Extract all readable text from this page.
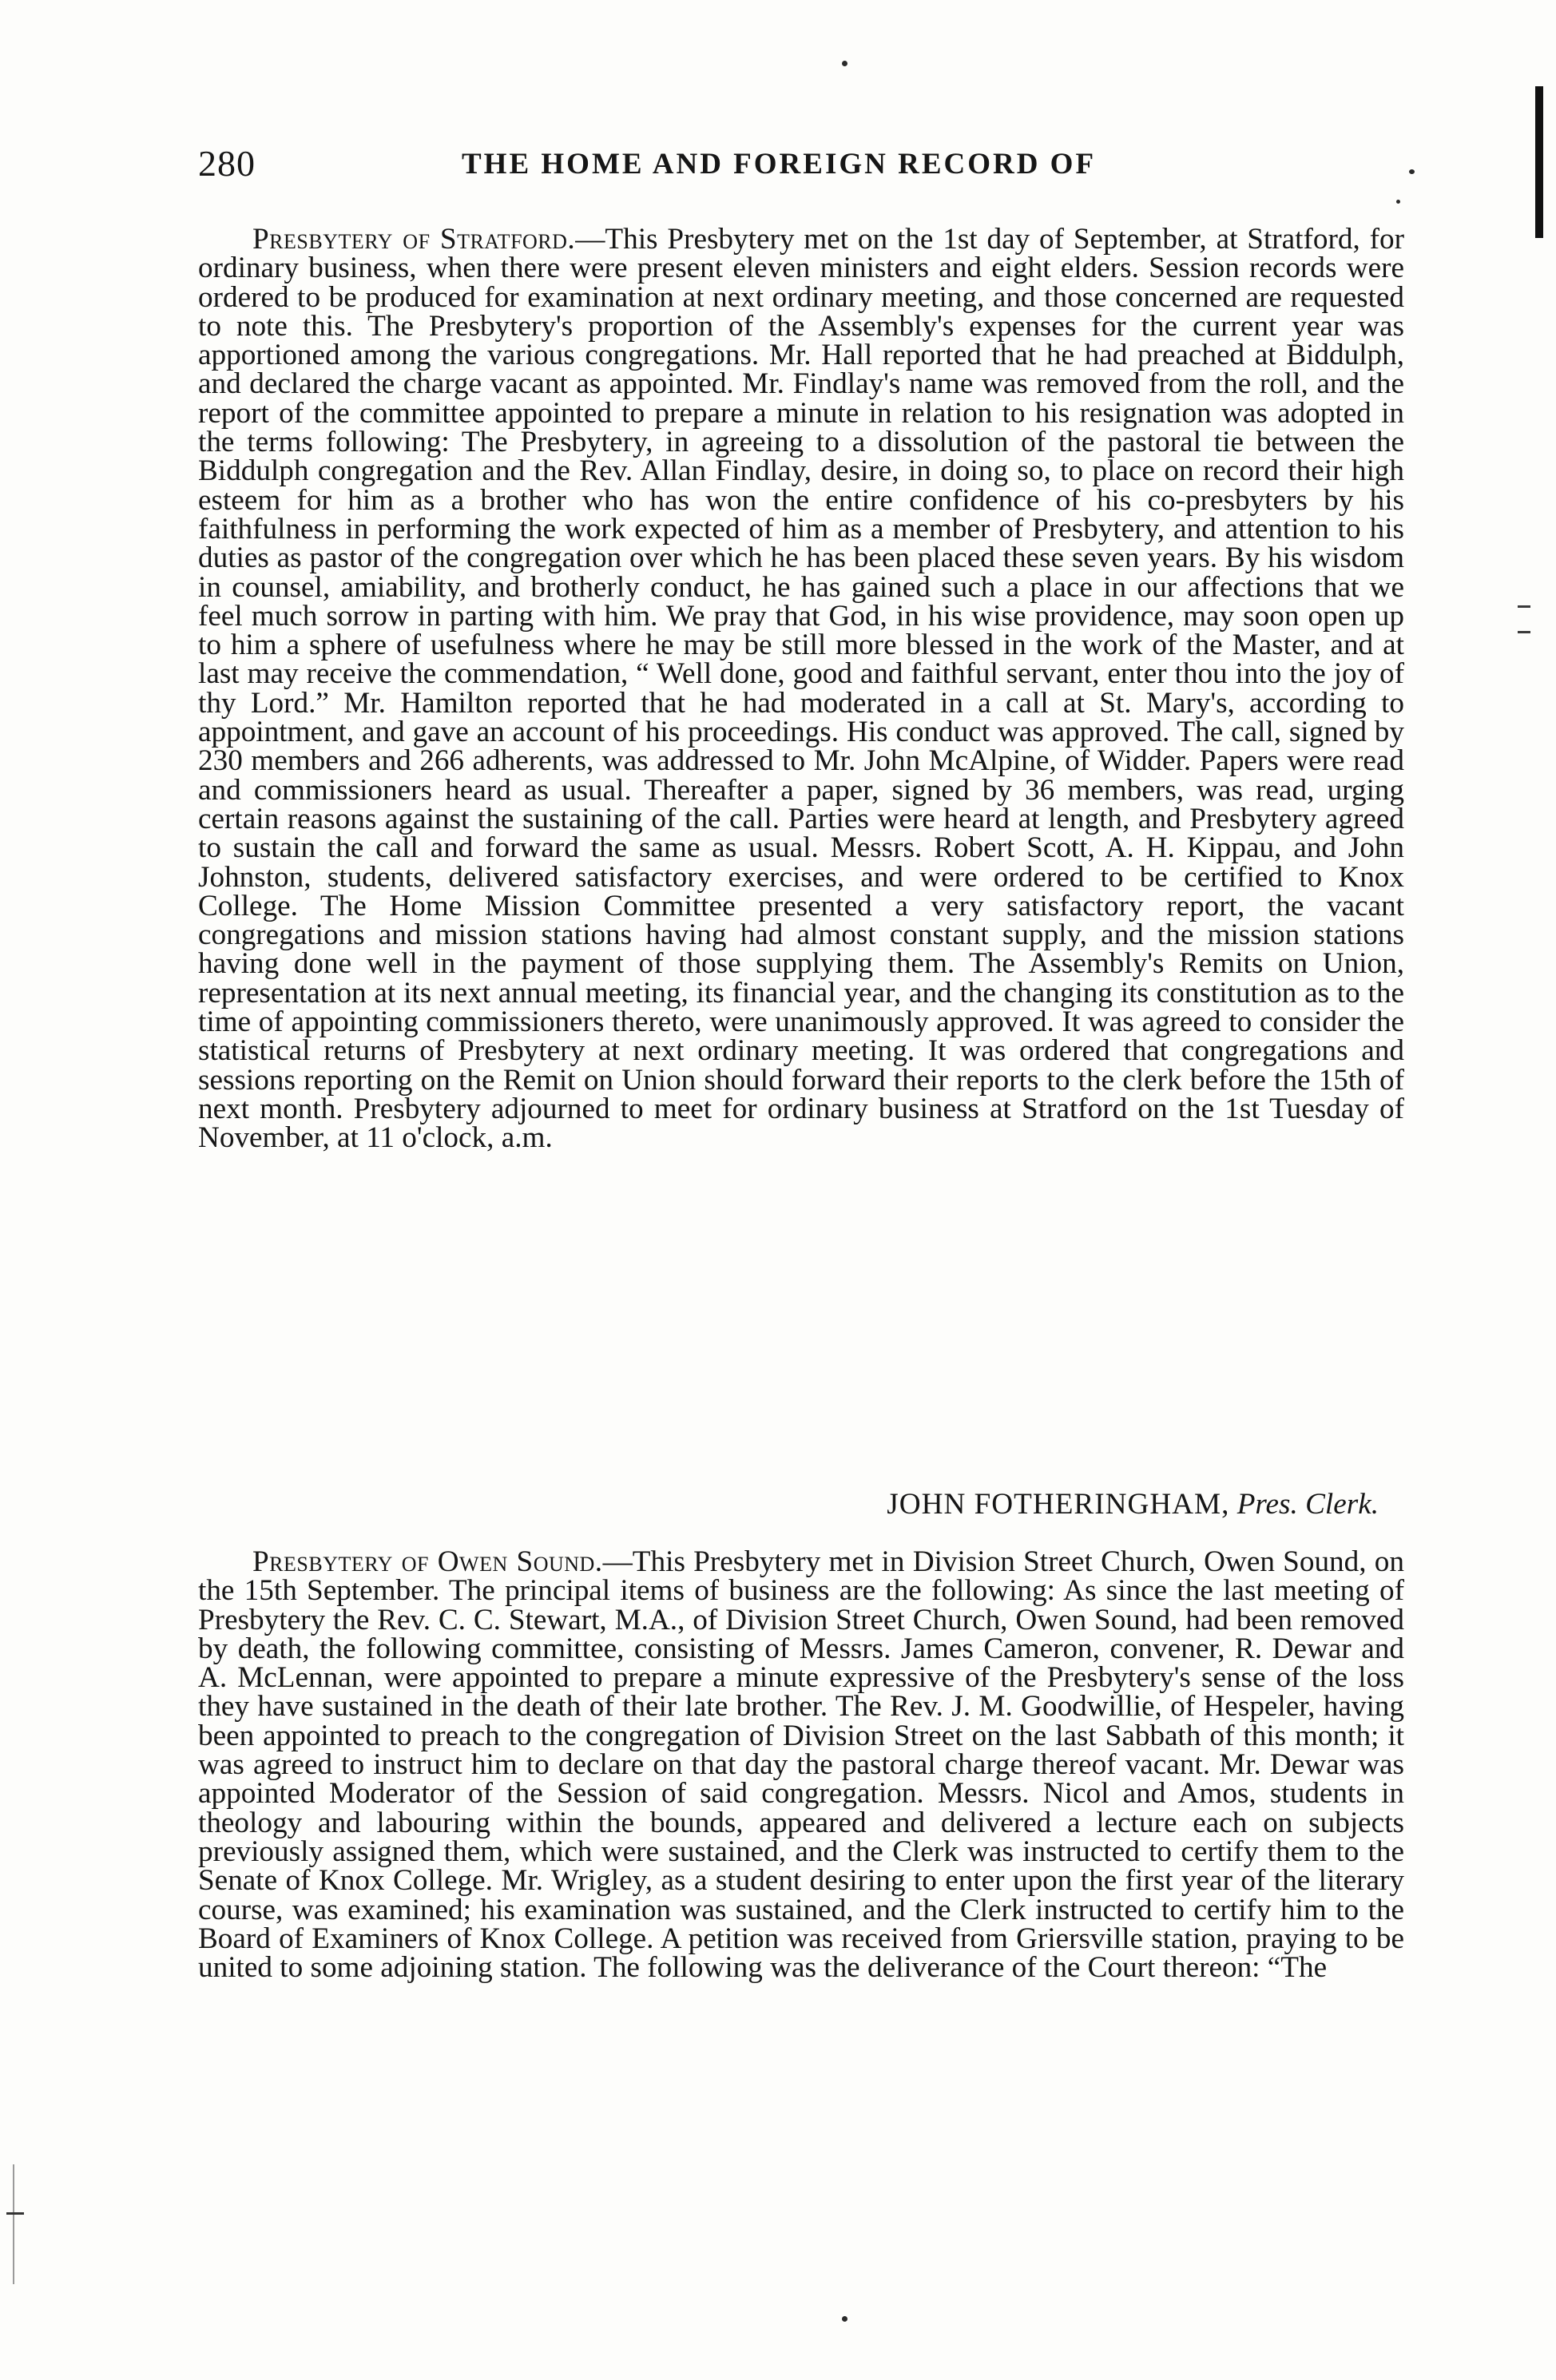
280	THE HOME AND FOREIGN RECORD OF

Presbytery of Stratford.—This Presbytery met on the 1st day of September, at Stratford, for ordinary business, when there were present eleven ministers and eight elders. Session records were ordered to be produced for examination at next ordinary meeting, and those concerned are requested to note this. The Presbytery's proportion of the Assembly's expenses for the current year was apportioned among the various congregations. Mr. Hall reported that he had preached at Biddulph, and declared the charge vacant as appointed. Mr. Findlay's name was removed from the roll, and the report of the committee appointed to prepare a minute in relation to his resignation was adopted in the terms following: The Presbytery, in agreeing to a dissolution of the pastoral tie between the Biddulph congregation and the Rev. Allan Findlay, desire, in doing so, to place on record their high esteem for him as a brother who has won the entire confidence of his co-presbyters by his faithfulness in performing the work expected of him as a member of Presbytery, and attention to his duties as pastor of the congregation over which he has been placed these seven years. By his wisdom in counsel, amiability, and brotherly conduct, he has gained such a place in our affections that we feel much sorrow in parting with him. We pray that God, in his wise providence, may soon open up to him a sphere of usefulness where he may be still more blessed in the work of the Master, and at last may receive the commendation, “ Well done, good and faithful servant, enter thou into the joy of thy Lord.” Mr. Hamilton reported that he had moderated in a call at St. Mary's, according to appointment, and gave an account of his proceedings. His conduct was approved. The call, signed by 230 members and 266 adherents, was addressed to Mr. John McAlpine, of Widder. Papers were read and commissioners heard as usual. Thereafter a paper, signed by 36 members, was read, urging certain reasons against the sustaining of the call. Parties were heard at length, and Presbytery agreed to sustain the call and forward the same as usual. Messrs. Robert Scott, A. H. Kippau, and John Johnston, students, delivered satisfactory exercises, and were ordered to be certified to Knox College. The Home Mission Committee presented a very satisfactory report, the vacant congregations and mission stations having had almost constant supply, and the mission stations having done well in the payment of those supplying them. The Assembly's Remits on Union, representation at its next annual meeting, its financial year, and the changing its constitution as to the time of appointing commissioners thereto, were unanimously approved. It was agreed to consider the statistical returns of Presbytery at next ordinary meeting. It was ordered that congregations and sessions reporting on the Remit on Union should forward their reports to the clerk before the 15th of next month. Presbytery adjourned to meet for ordinary business at Stratford on the 1st Tuesday of November, at 11 o'clock, a.m.

JOHN FOTHERINGHAM, Pres. Clerk.

Presbytery of Owen Sound.—This Presbytery met in Division Street Church, Owen Sound, on the 15th September. The principal items of business are the following: As since the last meeting of Presbytery the Rev. C. C. Stewart, M.A., of Division Street Church, Owen Sound, had been removed by death, the following committee, consisting of Messrs. James Cameron, convener, R. Dewar and A. McLennan, were appointed to prepare a minute expressive of the Presbytery's sense of the loss they have sustained in the death of their late brother. The Rev. J. M. Goodwillie, of Hespeler, having been appointed to preach to the congregation of Division Street on the last Sabbath of this month; it was agreed to instruct him to declare on that day the pastoral charge thereof vacant. Mr. Dewar was appointed Moderator of the Session of said congregation. Messrs. Nicol and Amos, students in theology and labouring within the bounds, appeared and delivered a lecture each on subjects previously assigned them, which were sustained, and the Clerk was instructed to certify them to the Senate of Knox College. Mr. Wrigley, as a student desiring to enter upon the first year of the literary course, was examined; his examination was sustained, and the Clerk instructed to certify him to the Board of Examiners of Knox College. A petition was received from Griersville station, praying to be united to some adjoining station. The following was the deliverance of the Court thereon: “The
